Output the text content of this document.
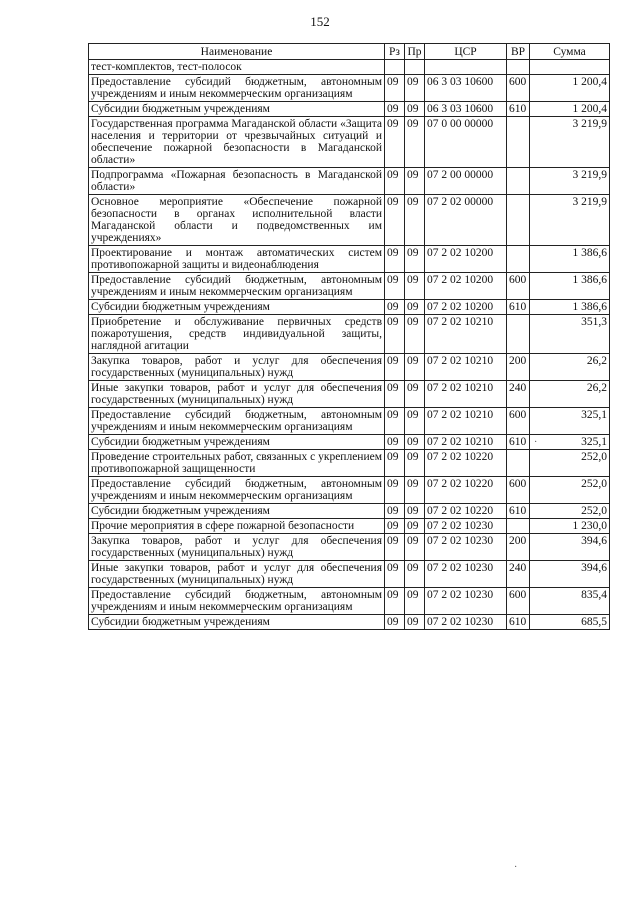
152
Наименование	Рз	Пр	ЦСР	ВР	Сумма
тест-комплектов, тест-полосок					
Предоставление субсидий бюджетным, автономным учреждениям и иным некоммерческим организациям	09	09	06 3 03 10600	600	1 200,4
Субсидии бюджетным учреждениям	09	09	06 3 03 10600	610	1 200,4
Государственная программа Магаданской области «Защита населения и территории от чрезвычайных ситуаций и обеспечение пожарной безопасности в Магаданской области»	09	09	07 0 00 00000		3 219,9
Подпрограмма «Пожарная безопасность в Магаданской области»	09	09	07 2 00 00000		3 219,9
Основное мероприятие «Обеспечение пожарной безопасности в органах исполнительной власти Магаданской области и подведомственных им учреждениях»	09	09	07 2 02 00000		3 219,9
Проектирование и монтаж автоматических систем противопожарной защиты и видеонаблюдения	09	09	07 2 02 10200		1 386,6
Предоставление субсидий бюджетным, автономным учреждениям и иным некоммерческим организациям	09	09	07 2 02 10200	600	1 386,6
Субсидии бюджетным учреждениям	09	09	07 2 02 10200	610	1 386,6
Приобретение и обслуживание первичных средств пожаротушения, средств индивидуальной защиты, наглядной агитации	09	09	07 2 02 10210		351,3
Закупка товаров, работ и услуг для обеспечения государственных (муниципальных) нужд	09	09	07 2 02 10210	200	26,2
Иные закупки товаров, работ и услуг для обеспечения государственных (муниципальных) нужд	09	09	07 2 02 10210	240	26,2
Предоставление субсидий бюджетным, автономным учреждениям и иным некоммерческим организациям	09	09	07 2 02 10210	600	325,1
Субсидии бюджетным учреждениям	09	09	07 2 02 10210	610	325,1
Проведение строительных работ, связанных с укреплением противопожарной защищенности	09	09	07 2 02 10220		252,0
Предоставление субсидий бюджетным, автономным учреждениям и иным некоммерческим организациям	09	09	07 2 02 10220	600	252,0
Субсидии бюджетным учреждениям	09	09	07 2 02 10220	610	252,0
Прочие мероприятия в сфере пожарной безопасности	09	09	07 2 02 10230		1 230,0
Закупка товаров, работ и услуг для обеспечения государственных (муниципальных) нужд	09	09	07 2 02 10230	200	394,6
Иные закупки товаров, работ и услуг для обеспечения государственных (муниципальных) нужд	09	09	07 2 02 10230	240	394,6
Предоставление субсидий бюджетным, автономным учреждениям и иным некоммерческим организациям	09	09	07 2 02 10230	600	835,4
Субсидии бюджетным учреждениям	09	09	07 2 02 10230	610	685,5
·
·
